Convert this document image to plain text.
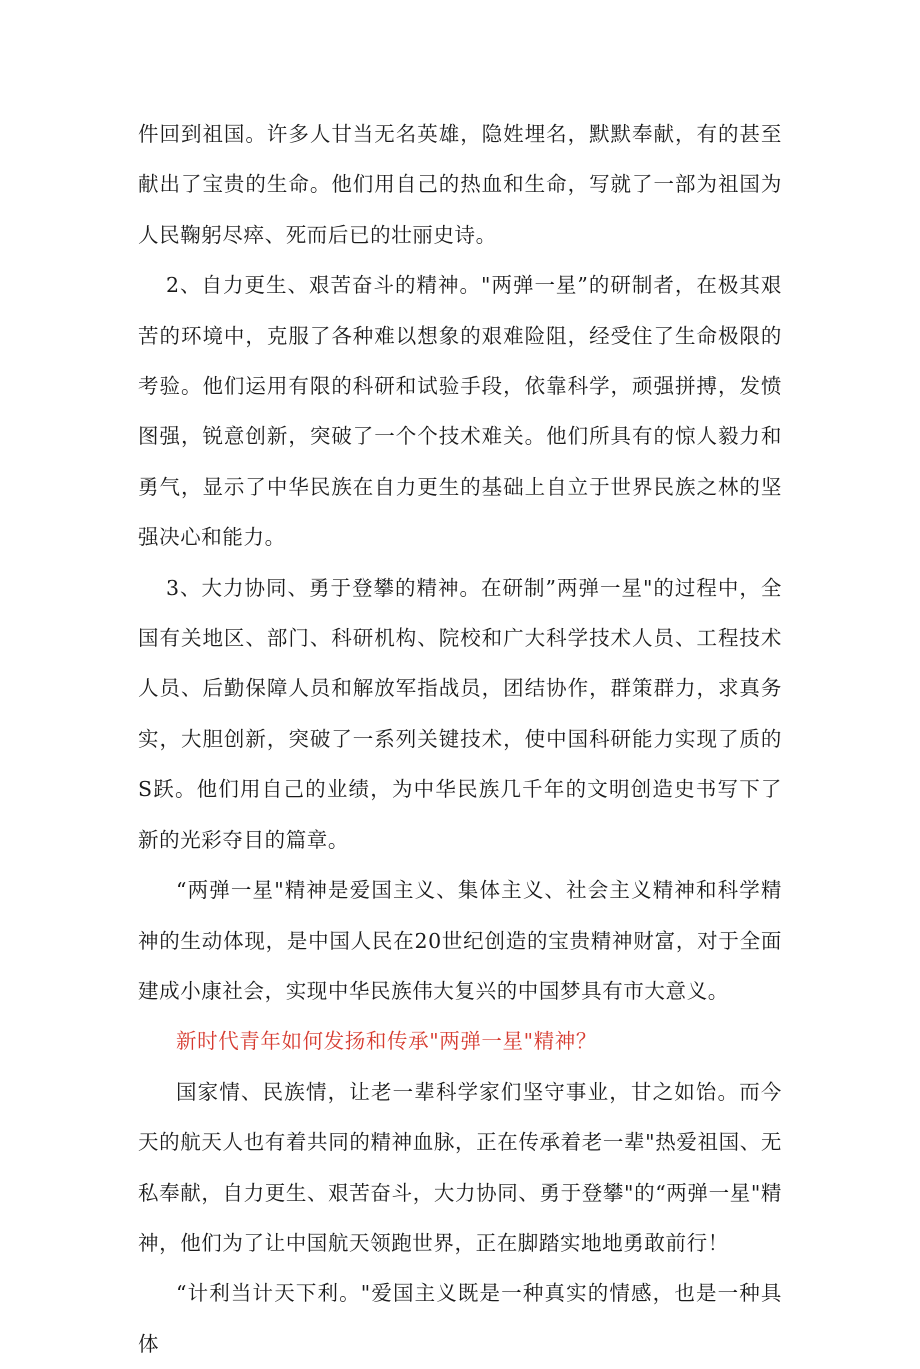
件回到祖国。许多人甘当无名英雄，隐姓埋名，默默奉献，有的甚至献出了宝贵的生命。他们用自己的热血和生命，写就了一部为祖国为人民鞠躬尽瘁、死而后已的壮丽史诗。

2、自力更生、艰苦奋斗的精神。"两弹一星”的研制者，在极其艰苦的环境中，克服了各种难以想象的艰难险阻，经受住了生命极限的考验。他们运用有限的科研和试验手段，依靠科学，顽强拼搏，发愤图强，锐意创新，突破了一个个技术难关。他们所具有的惊人毅力和勇气，显示了中华民族在自力更生的基础上自立于世界民族之林的坚强决心和能力。

3、大力协同、勇于登攀的精神。在研制”两弹一星"的过程中，全国有关地区、部门、科研机构、院校和广大科学技术人员、工程技术人员、后勤保障人员和解放军指战员，团结协作，群策群力，求真务实，大胆创新，突破了一系列关键技术，使中国科研能力实现了质的S跃。他们用自己的业绩，为中华民族几千年的文明创造史书写下了新的光彩夺目的篇章。

“两弹一星"精神是爱国主义、集体主义、社会主义精神和科学精神的生动体现，是中国人民在20世纪创造的宝贵精神财富，对于全面建成小康社会，实现中华民族伟大复兴的中国梦具有市大意义。

新时代青年如何发扬和传承"两弹一星"精神？

国家情、民族情，让老一辈科学家们坚守事业，甘之如饴。而今天的航天人也有着共同的精神血脉，正在传承着老一辈"热爱祖国、无私奉献，自力更生、艰苦奋斗，大力协同、勇于登攀"的“两弹一星"精神，他们为了让中国航天领跑世界，正在脚踏实地地勇敢前行！

“计利当计天下利。"爱国主义既是一种真实的情感，也是一种具体
